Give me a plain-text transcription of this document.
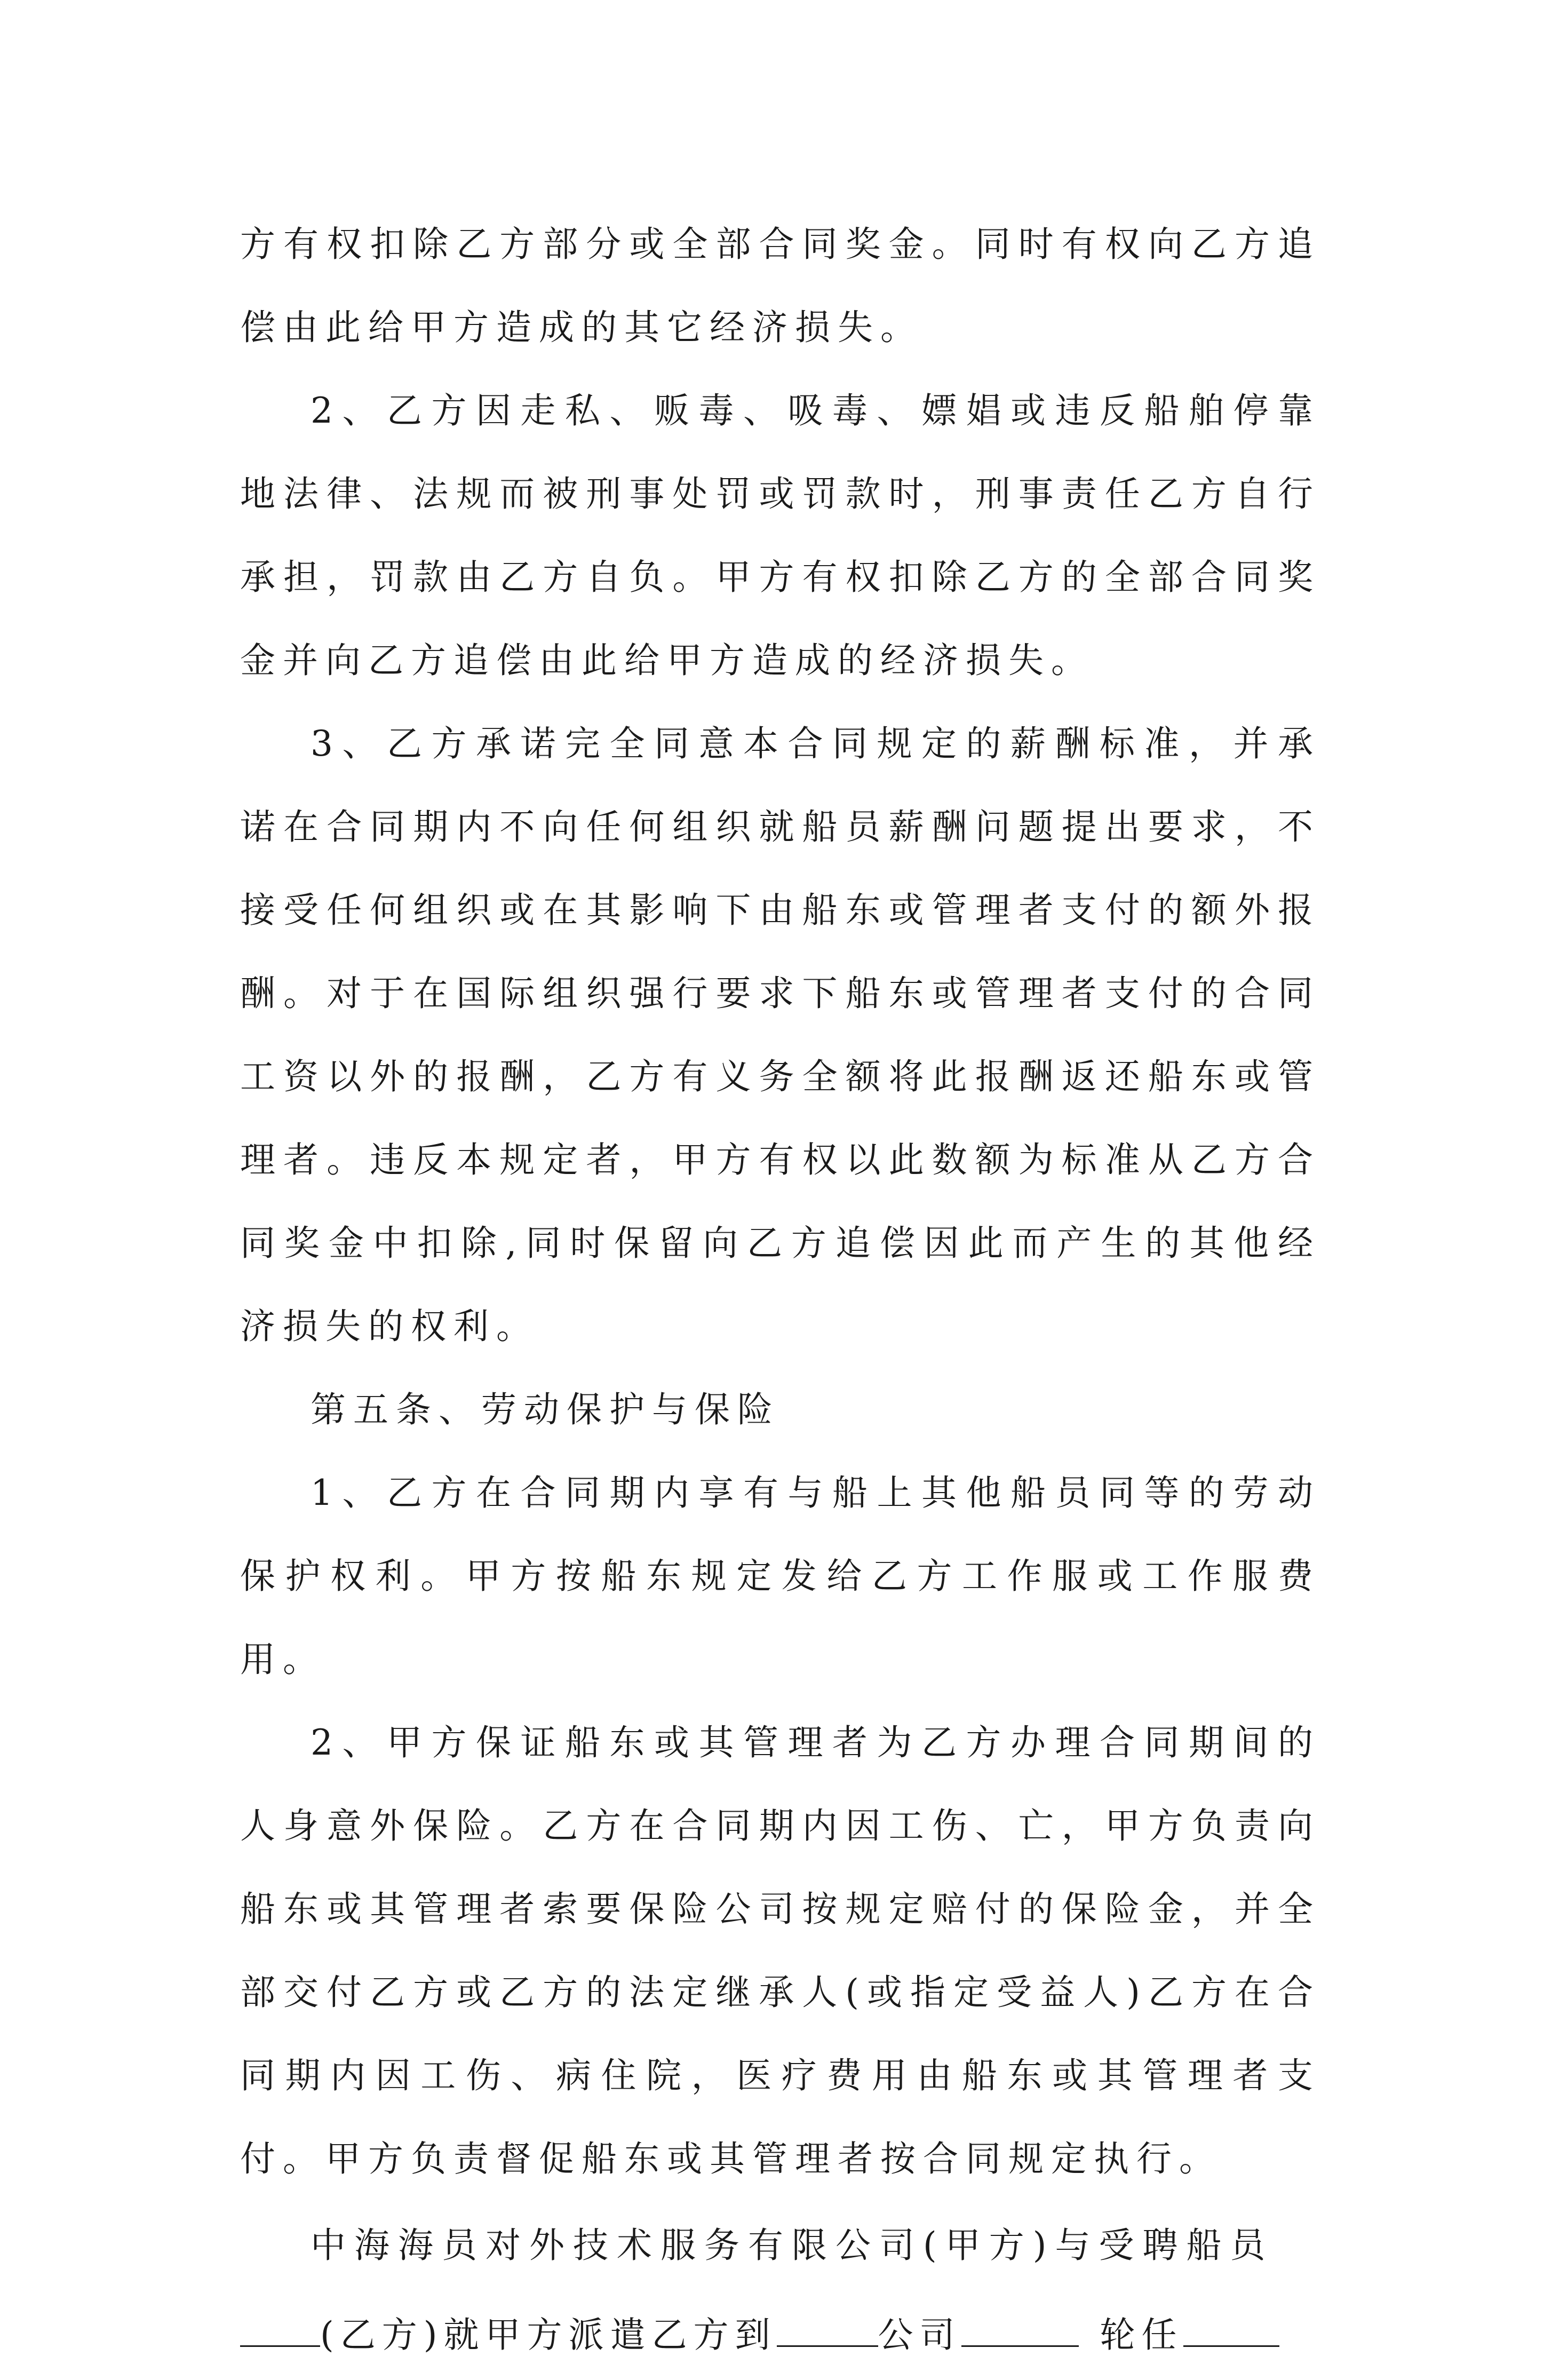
方有权扣除乙方部分或全部合同奖金。同时有权向乙方追偿由此给甲方造成的其它经济损失。

2、乙方因走私、贩毒、吸毒、嫖娼或违反船舶停靠地法律、法规而被刑事处罚或罚款时，刑事责任乙方自行承担，罚款由乙方自负。甲方有权扣除乙方的全部合同奖金并向乙方追偿由此给甲方造成的经济损失。

3、乙方承诺完全同意本合同规定的薪酬标准，并承诺在合同期内不向任何组织就船员薪酬问题提出要求，不接受任何组织或在其影响下由船东或管理者支付的额外报酬。对于在国际组织强行要求下船东或管理者支付的合同工资以外的报酬，乙方有义务全额将此报酬返还船东或管理者。违反本规定者，甲方有权以此数额为标准从乙方合同奖金中扣除,同时保留向乙方追偿因此而产生的其他经济损失的权利。

第五条、劳动保护与保险

1、乙方在合同期内享有与船上其他船员同等的劳动保护权利。甲方按船东规定发给乙方工作服或工作服费用。

2、甲方保证船东或其管理者为乙方办理合同期间的人身意外保险。乙方在合同期内因工伤、亡，甲方负责向船东或其管理者索要保险公司按规定赔付的保险金，并全部交付乙方或乙方的法定继承人(或指定受益人)乙方在合同期内因工伤、病住院，医疗费用由船东或其管理者支付。甲方负责督促船东或其管理者按合同规定执行。

中海海员对外技术服务有限公司(甲方)与受聘船员

(乙方)就甲方派遣乙方到	公司	轮任
